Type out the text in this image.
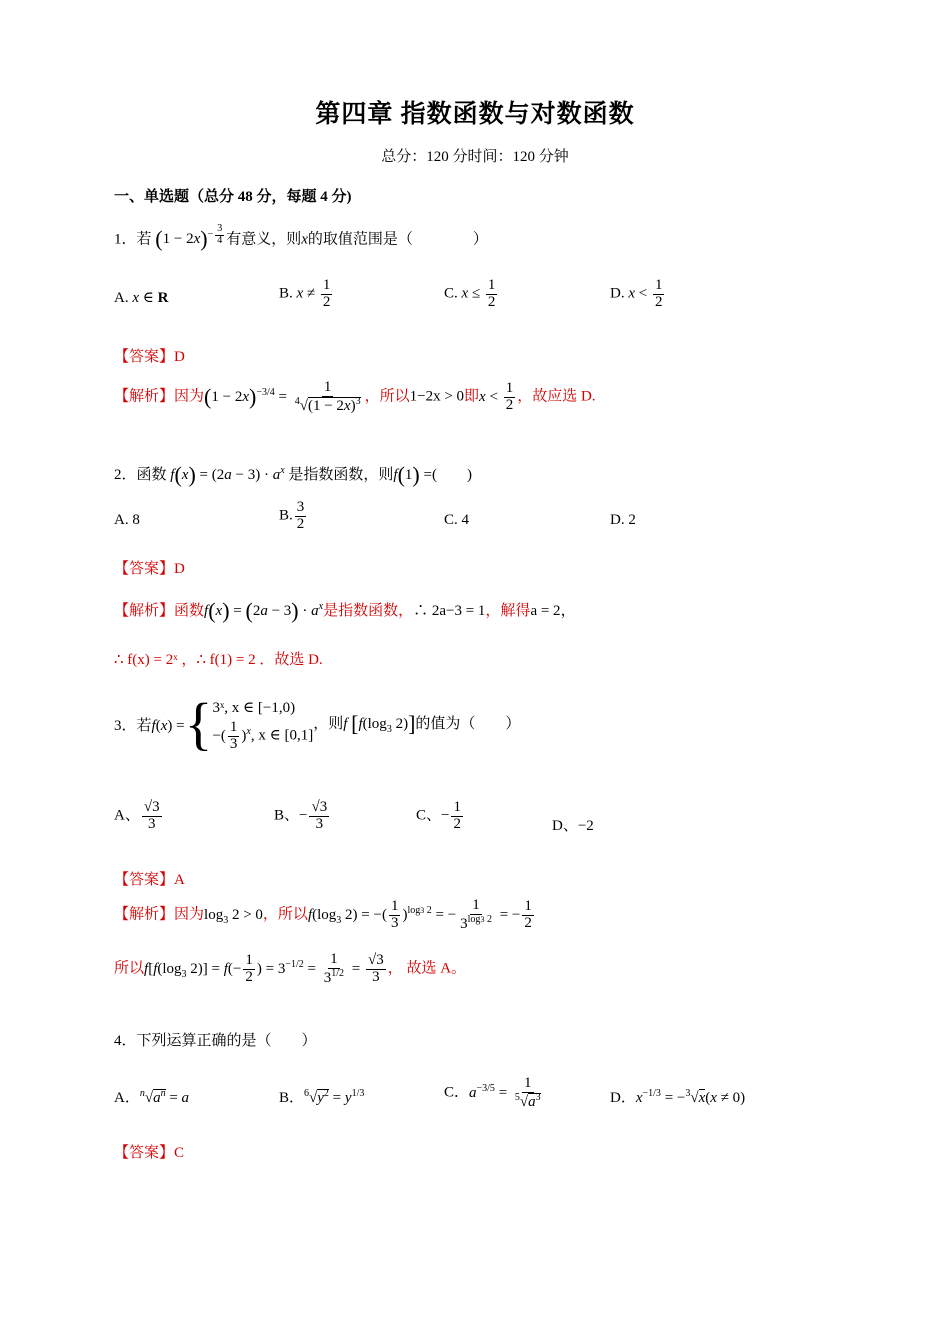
第四章 指数函数与对数函数
总分：120 分时间：120 分钟
一、单选题（总分 48 分，每题 4 分)
1．若 $(1 - 2x)^{- \frac{3}{4}}$ 有意义，则x的取值范围是（　　　　）
A. x ∈ R	B. $x \ne \frac{1}{2}$	C. $x \le \frac{1}{2}$	D. $x < \frac{1}{2}$
【答案】D
【解析】因为$(1 - 2x)^{-3/4} = \frac{1}{^4√(1 - 2x)^3}$ ，所以1−2x > 0即$x < \frac{1}{2}$ ，故应选 D.
2．函数 $f(x) = (2a - 3) \cdot a^x$ 是指数函数，则f(1) =(　　)
A. 8	B. $\frac{3}{2}$	C. 4	D. 2
【答案】D
【解析】函数$f(x) = (2a - 3) \cdot a^x$是指数函数，∴ 2a−3 = 1，解得a = 2，
∴ f(x) = 2ˣ ，∴ f(1) = 2 ．故选 D.
3．若f(x) ={3ˣ, x ∈ [−1,0)
−( $\frac{1}{3} )^x$, x ∈ [0,1]，则f [$f(\log_3$ 2)]的值为（　　）
A、 $\frac{√3}{3}$	B、− $\frac{√3}{3}$	C、− $\frac{1}{2}$	D、−2
【答案】A
【解析】因为$\log_3 2 > 0$，所以$f(\log_3$ 2) = −( $\frac{1}{3} )^{log3 2}$ = − $\frac{1}{3^{log3 2}}$ = − $\frac{1}{2}$
所以$f[f(\log_3$ $2)] = f(- \frac{1}{2}$ ) = $3^{-1/2} = \frac{1}{3^{1/2}} = \frac{√3}{3}$ ， 故选 A。
4．下列运算正确的是（　　）
A．$^n√a^n = a$	B．$^6√y^2 = y^{1/3}$	C．$a^{-3/5} = \frac{1}{^5√a^3}$	D．$x^{-1/3} = -^3√x(x \ne 0)$
【答案】C
